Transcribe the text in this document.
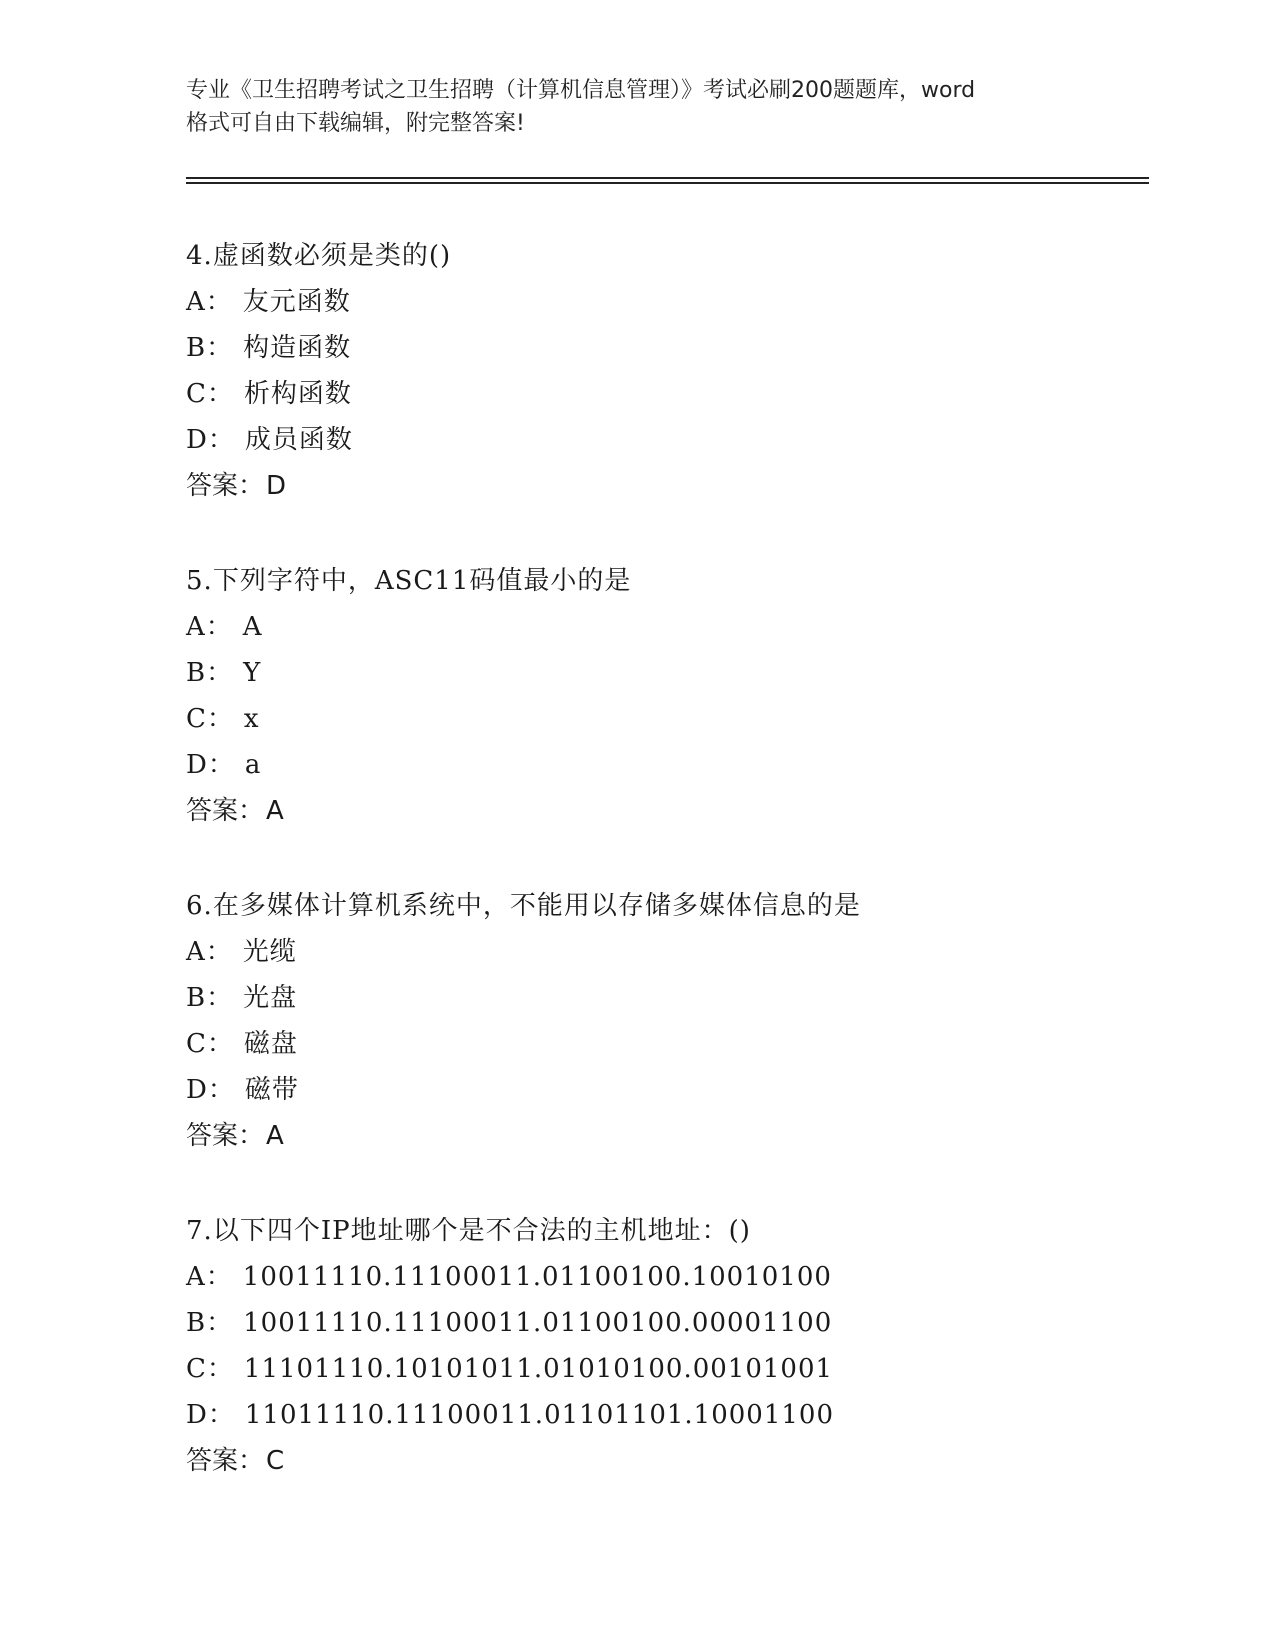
专业《卫生招聘考试之卫生招聘（计算机信息管理）》考试必刷200题题库，word
格式可自由下载编辑，附完整答案!
4 . 虚函数必须是类的()
A ： 友元函数
B ： 构造函数
C ： 析构函数
D ： 成员函数
答案：D
5 . 下列字符中，ASC11码值最小的是
A ： A
B ： Y
C ： x
D ： a
答案：A
6 . 在多媒体计算机系统中，不能用以存储多媒体信息的是
A ： 光缆
B ： 光盘
C ： 磁盘
D ： 磁带
答案：A
7 . 以下四个IP地址哪个是不合法的主机地址：()
A ： 10011110.11100011.01100100.10010100
B ： 10011110.11100011.01100100.00001100
C ： 11101110.10101011.01010100.00101001
D ： 11011110.11100011.01101101.10001100
答案：C
